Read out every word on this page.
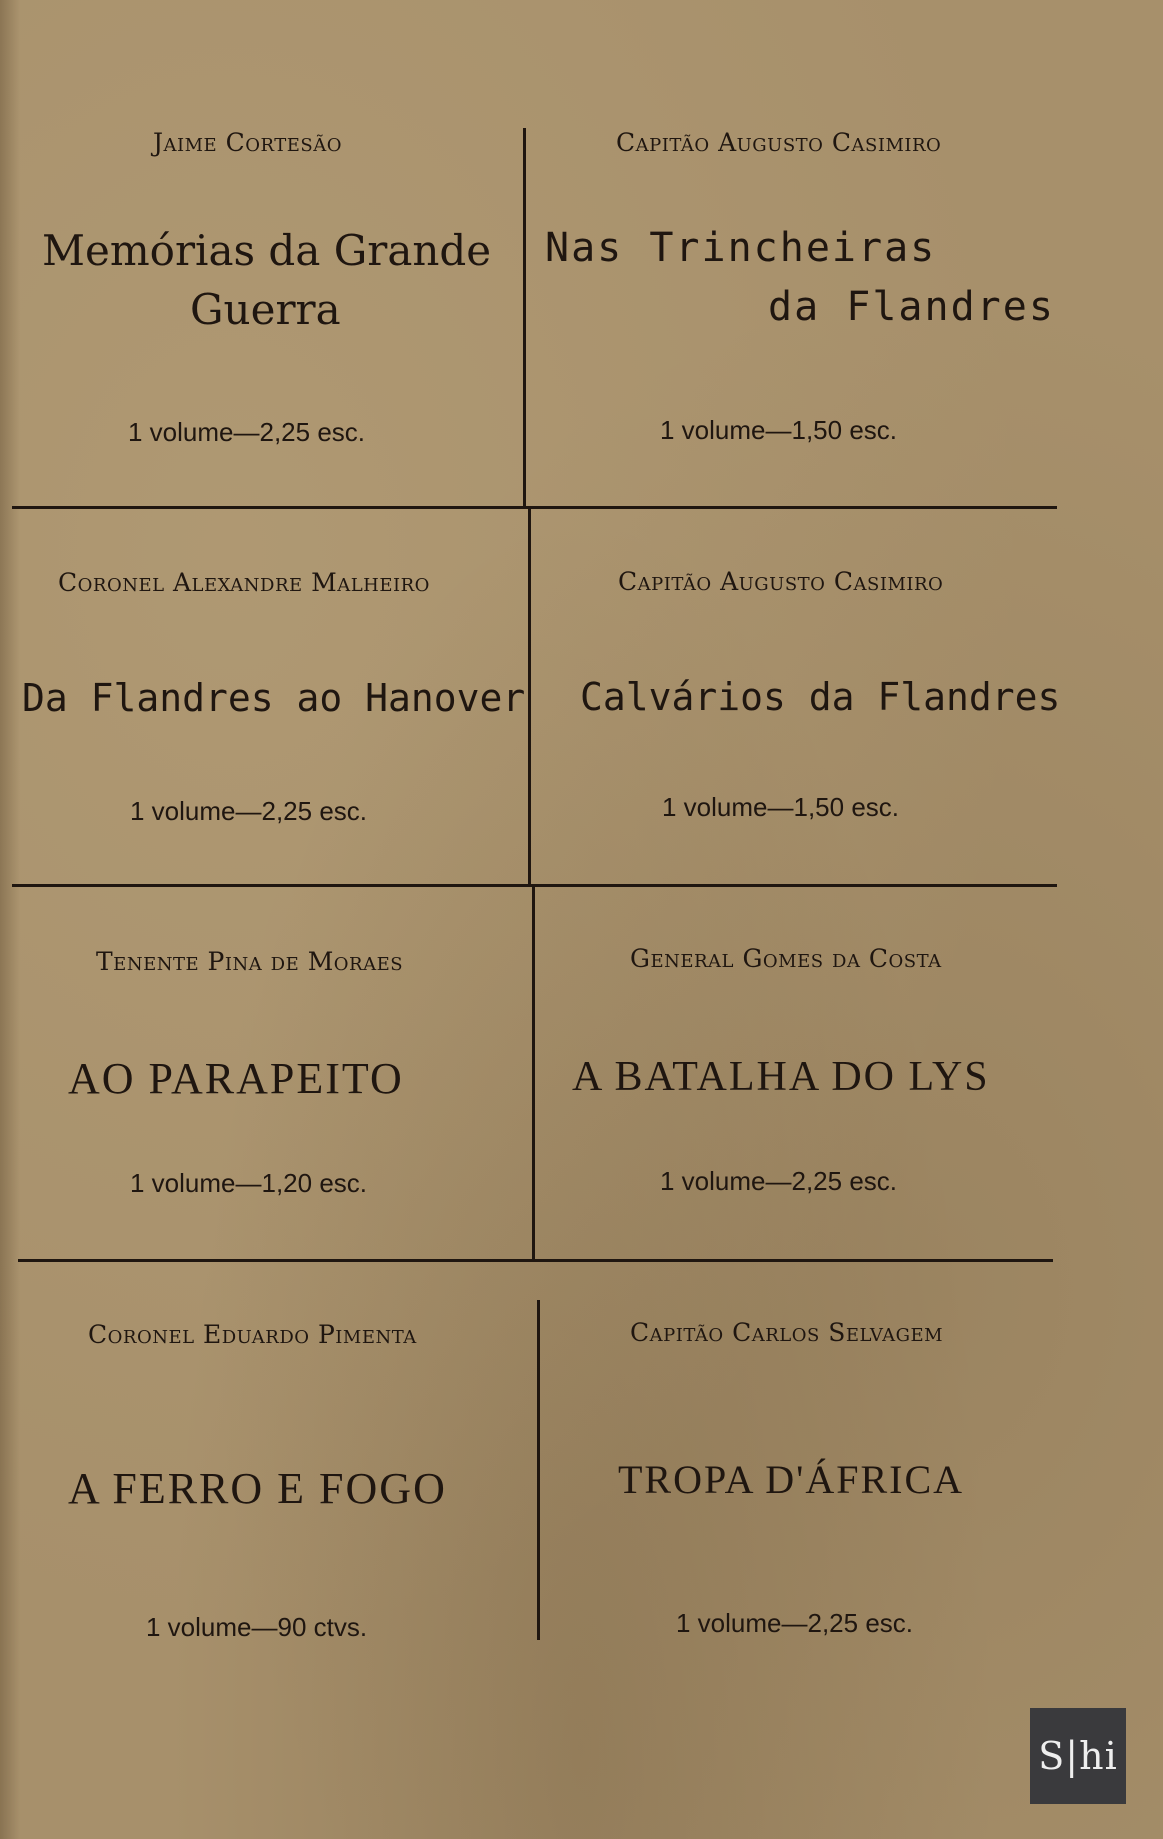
Jaime Cortesão
Memórias da Grande
Guerra
1 volume—2,25 esc.
Capitão Augusto Casimiro
Nas Trincheiras
da Flandres
1 volume—1,50 esc.
Coronel Alexandre Malheiro
Da Flandres ao Hanover
1 volume—2,25 esc.
Capitão Augusto Casimiro
Calvários da Flandres
1 volume—1,50 esc.
Tenente Pina de Moraes
AO PARAPEITO
1 volume—1,20 esc.
General Gomes da Costa
A BATALHA DO LYS
1 volume—2,25 esc.
Coronel Eduardo Pimenta
A FERRO E FOGO
1 volume—90 ctvs.
Capitão Carlos Selvagem
TROPA D'ÁFRICA
1 volume—2,25 esc.
S|hi
